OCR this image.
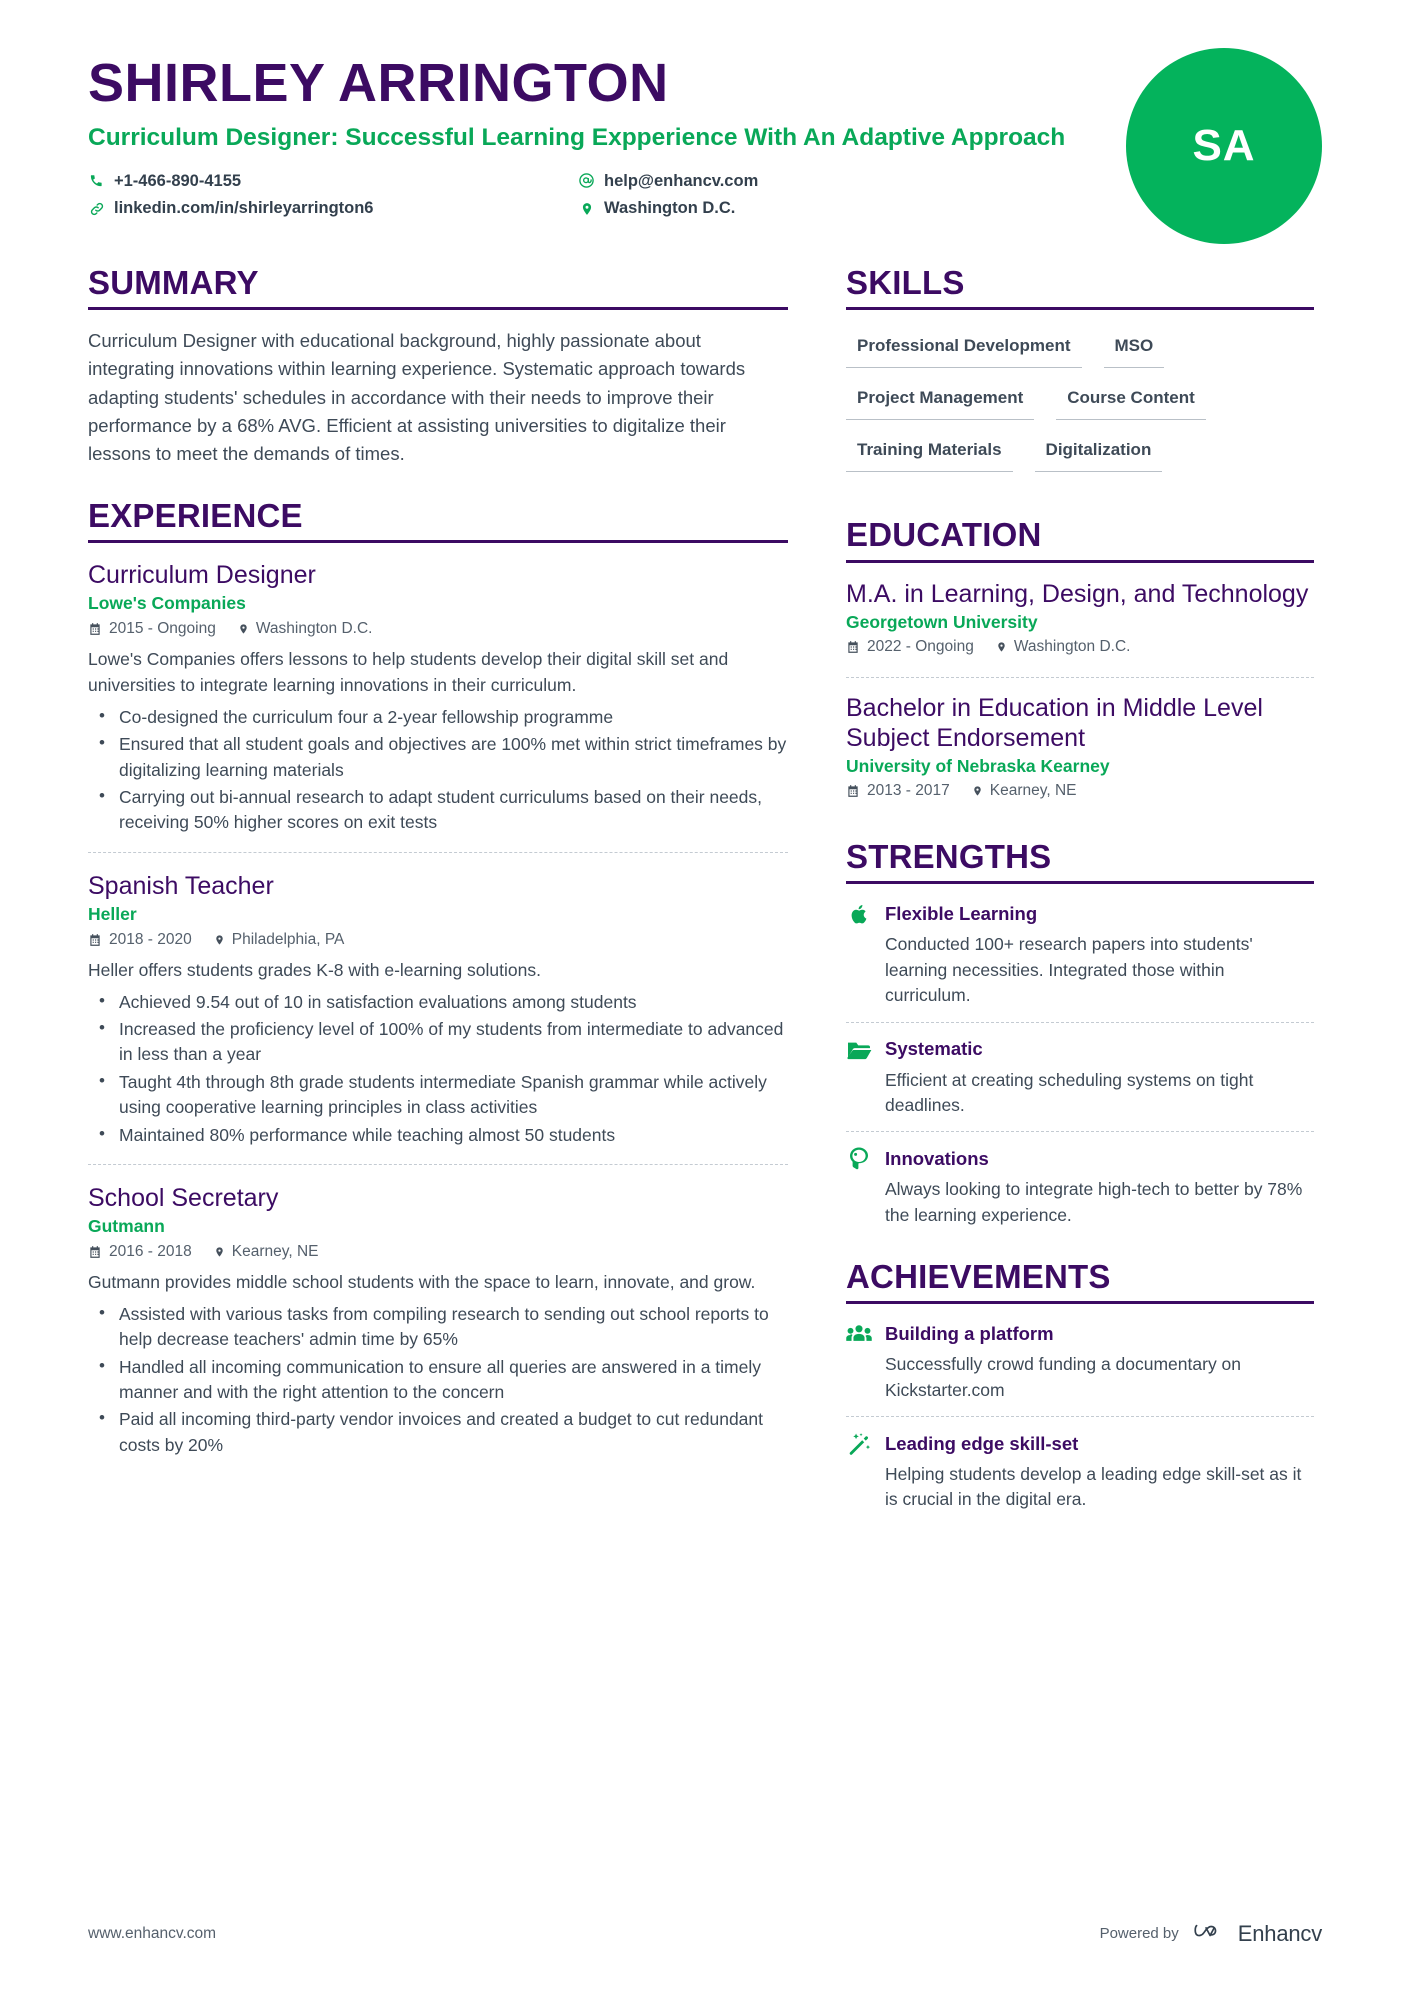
SHIRLEY ARRINGTON
Curriculum Designer: Successful Learning Expperience With An Adaptive Approach
+1-466-890-4155	help@enhancv.com
linkedin.com/in/shirleyarrington6	Washington D.C.
SA
SUMMARY
Curriculum Designer with educational background, highly passionate about integrating innovations within learning experience. Systematic approach towards adapting students' schedules in accordance with their needs to improve their performance by a 68% AVG. Efficient at assisting universities to digitalize their lessons to meet the demands of times.
EXPERIENCE
Curriculum Designer
Lowe's Companies
2015 - Ongoing	Washington D.C.
Lowe's Companies offers lessons to help students develop their digital skill set and universities to integrate learning innovations in their curriculum.
• Co-designed the curriculum four a 2-year fellowship programme
• Ensured that all student goals and objectives are 100% met within strict timeframes by digitalizing learning materials
• Carrying out bi-annual research to adapt student curriculums based on their needs, receiving 50% higher scores on exit tests
Spanish Teacher
Heller
2018 - 2020	Philadelphia, PA
Heller offers students grades K-8 with e-learning solutions.
• Achieved 9.54 out of 10 in satisfaction evaluations among students
• Increased the proficiency level of 100% of my students from intermediate to advanced in less than a year
• Taught 4th through 8th grade students intermediate Spanish grammar while actively using cooperative learning principles in class activities
• Maintained 80% performance while teaching almost 50 students
School Secretary
Gutmann
2016 - 2018	Kearney, NE
Gutmann provides middle school students with the space to learn, innovate, and grow.
• Assisted with various tasks from compiling research to sending out school reports to help decrease teachers' admin time by 65%
• Handled all incoming communication to ensure all queries are answered in a timely manner and with the right attention to the concern
• Paid all incoming third-party vendor invoices and created a budget to cut redundant costs by 20%
SKILLS
Professional Development	MSO
Project Management	Course Content
Training Materials	Digitalization
EDUCATION
M.A. in Learning, Design, and Technology
Georgetown University
2022 - Ongoing	Washington D.C.
Bachelor in Education in Middle Level Subject Endorsement
University of Nebraska Kearney
2013 - 2017	Kearney, NE
STRENGTHS
Flexible Learning
Conducted 100+ research papers into students' learning necessities. Integrated those within curriculum.
Systematic
Efficient at creating scheduling systems on tight deadlines.
Innovations
Always looking to integrate high-tech to better by 78% the learning experience.
ACHIEVEMENTS
Building a platform
Successfully crowd funding a documentary on Kickstarter.com
Leading edge skill-set
Helping students develop a leading edge skill-set as it is crucial in the digital era.
www.enhancv.com	Powered by	Enhancv
